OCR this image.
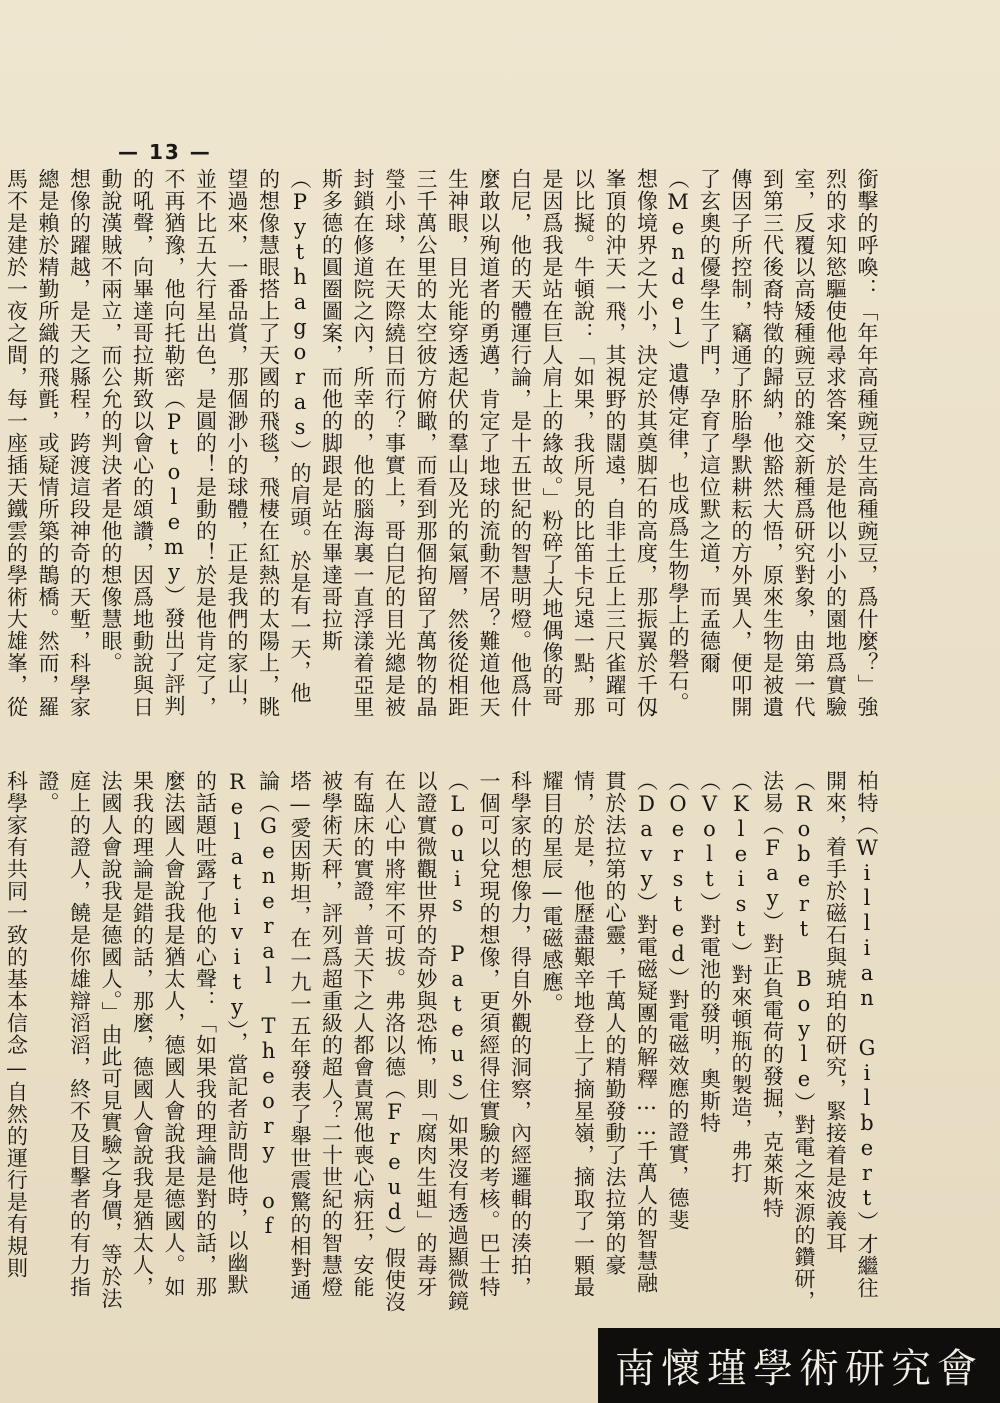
— 13 —
銜擊的呼喚：「年年高種豌豆生高種豌豆，爲什麼？」強烈的求知慾驅使他尋求答案，於是他以小小的園地爲實驗室，反覆以高矮種豌豆的雜交新種爲研究對象，由第一代到第三代後裔特徵的歸納，他豁然大悟，原來生物是被遺傳因子所控制，竊通了肧胎學默耕耘的方外異人，便叩開了玄奧的優學生了門，孕育了這位默之道，而孟德爾（Mendel）遺傳定律，也成爲生物學上的磐石。
想像境界之大小，決定於其奠脚石的高度，那振翼於千仭峯頂的沖天一飛，其視野的闊遠，自非土丘上三尺雀躍可以比擬。牛頓說：「如果，我所見的比笛卡兒遠一點，那是因爲我是站在巨人肩上的緣故。」粉碎了大地偶像的哥白尼，他的天體運行論，是十五世紀的智慧明燈。他爲什麼敢以殉道者的勇邁，肯定了地球的流動不居？難道他天生神眼，目光能穿透起伏的羣山及光的氣層，然後從相距三千萬公里的太空彼方俯瞰，而看到那個拘留了萬物的晶瑩小球，在天際繞日而行？事實上，哥白尼的目光總是被封鎖在修道院之內，所幸的，他的腦海裏一直浮漾着亞里斯多德的圓圈圖案，而他的脚跟是站在畢達哥拉斯（Pythagoras）的肩頭。於是有一天，他的想像慧眼搭上了天國的飛毯，飛棲在紅熱的太陽上，眺望過來，一番品賞，那個渺小的球體，正是我們的家山，並不比五大行星出色，是圓的！是動的！於是他肯定了，不再猶豫，他向托勒密（Ptolemy）發出了評判的吼聲，向畢達哥拉斯致以會心的頌讚，因爲地動說與日動說漢賊不兩立，而公允的判決者是他的想像慧眼。
想像的躍越，是天之縣程，跨渡這段神奇的天塹，科學家總是賴於精勤所織的飛氈，或疑情所築的鵲橋。然而，羅馬不是建於一夜之間，每一座插天鐵雲的學術大雄峯，從
柏特（Willian Gilbert）才繼往開來，着手於磁石與琥珀的研究，緊接着是波義耳（Robert Boyle）對電之來源的鑽研，法易（Fay）對正負電荷的發掘，克萊斯特（Kleist）對來頓瓶的製造，弗打（Volt）對電池的發明，奧斯特（Oersted）對電磁效應的證實，德斐（Davy）對電磁疑團的解釋……千萬人的智慧融貫於法拉第的心靈，千萬人的精勤發動了法拉第的豪情，於是，他歷盡艱辛地登上了摘星嶺，摘取了一顆最耀目的星辰—電磁感應。
科學家的想像力，得自外觀的洞察，內經邏輯的湊拍，一個可以兌現的想像，更須經得住實驗的考核。巴士特（Louis Pateus）如果沒有透過顯微鏡以證實微觀世界的奇妙與恐怖，則「腐肉生蛆」的毒牙在人心中將牢不可拔。弗洛以德（Freud）假使沒有臨床的實證，普天下之人都會責罵他喪心病狂，安能被學術天秤，評列爲超重級的超人？二十世紀的智慧燈塔—愛因斯坦，在一九一五年發表了舉世震驚的相對通論（General Theory of Relativity），當記者訪問他時，以幽默的話題吐露了他的心聲：「如果我的理論是對的話，那麼法國人會說我是猶太人，德國人會說我是德國人。如果我的理論是錯的話，那麼，德國人會說我是猶太人，法國人會說我是德國人。」由此可見實驗之身價，等於法庭上的證人，饒是你雄辯滔滔，終不及目擊者的有力指證。
科學家有共同一致的基本信念—自然的運行是有規則
南懷瑾學術研究會
